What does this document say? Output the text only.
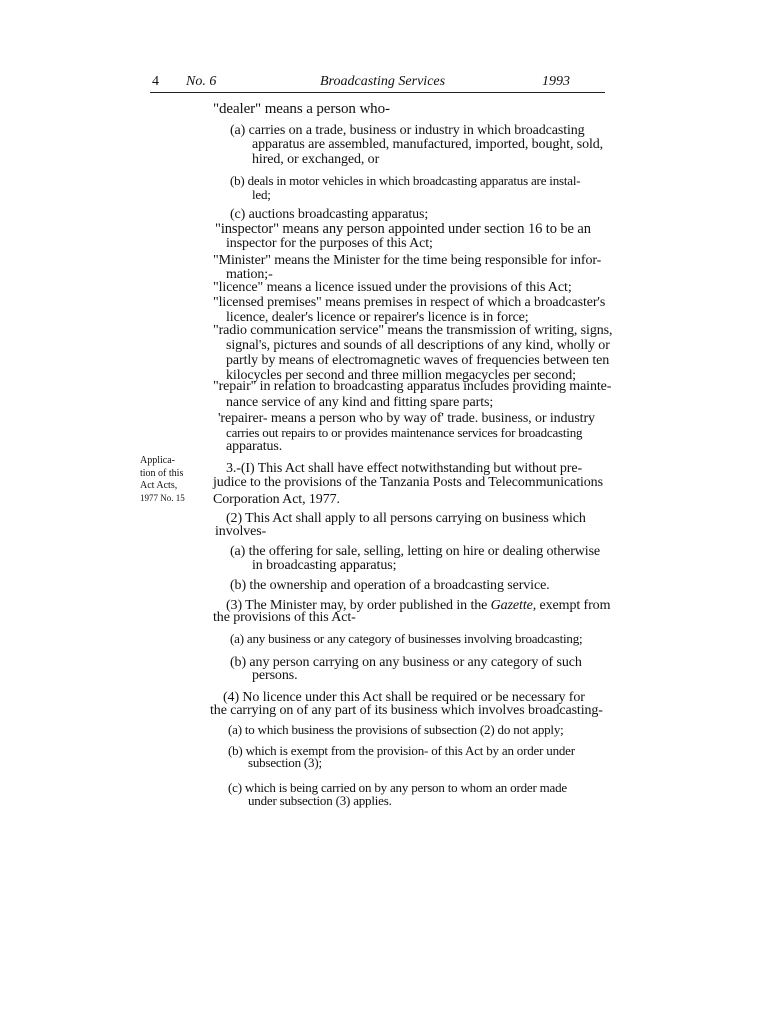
4 No. 6	Broadcasting Services	1993
Applica-
tion of this
Act Acts,
1977 No. 15
"dealer" means a person who-
(a) carries on a trade, business or industry in which broadcasting
apparatus are assembled, manufactured, imported, bought, sold,
hired, or exchanged, or
(b) deals in motor vehicles in which broadcasting apparatus are instal-
led;
(c) auctions broadcasting apparatus;
"inspector" means any person appointed under section 16 to be an
inspector for the purposes of this Act;
"Minister" means the Minister for the time being responsible for infor-
mation;-
"licence" means a licence issued under the provisions of this Act;
"licensed premises" means premises in respect of which a broadcaster's
licence, dealer's licence or repairer's licence is in force;
"radio communication service" means the transmission of writing, signs,
signal's, pictures and sounds of all descriptions of any kind, wholly or
partly by means of electromagnetic waves of frequencies between ten
kilocycles per second and three million megacycles per second;
"repair" in relation to broadcasting apparatus includes providing mainte-
nance service of any kind and fitting spare parts;
'repairer- means a person who by way of' trade. business, or industry
carries out repairs to or provides maintenance services for broadcasting
apparatus.
3.-(I) This Act shall have effect notwithstanding but without pre-
judice to the provisions of the Tanzania Posts and Telecommunications
Corporation Act, 1977.
(2) This Act shall apply to all persons carrying on business which
involves-
(a) the offering for sale, selling, letting on hire or dealing otherwise
in broadcasting apparatus;
(b) the ownership and operation of a broadcasting service.
(3) The Minister may, by order published in the Gazette, exempt from
the provisions of this Act-
(a) any business or any category of businesses involving broadcasting;
(b) any person carrying on any business or any category of such
persons.
(4) No licence under this Act shall be required or be necessary for
the carrying on of any part of its business which involves broadcasting-
(a) to which business the provisions of subsection (2) do not apply;
(b) which is exempt from the provision- of this Act by an order under
subsection (3);
(c) which is being carried on by any person to whom an order made
under subsection (3) applies.
